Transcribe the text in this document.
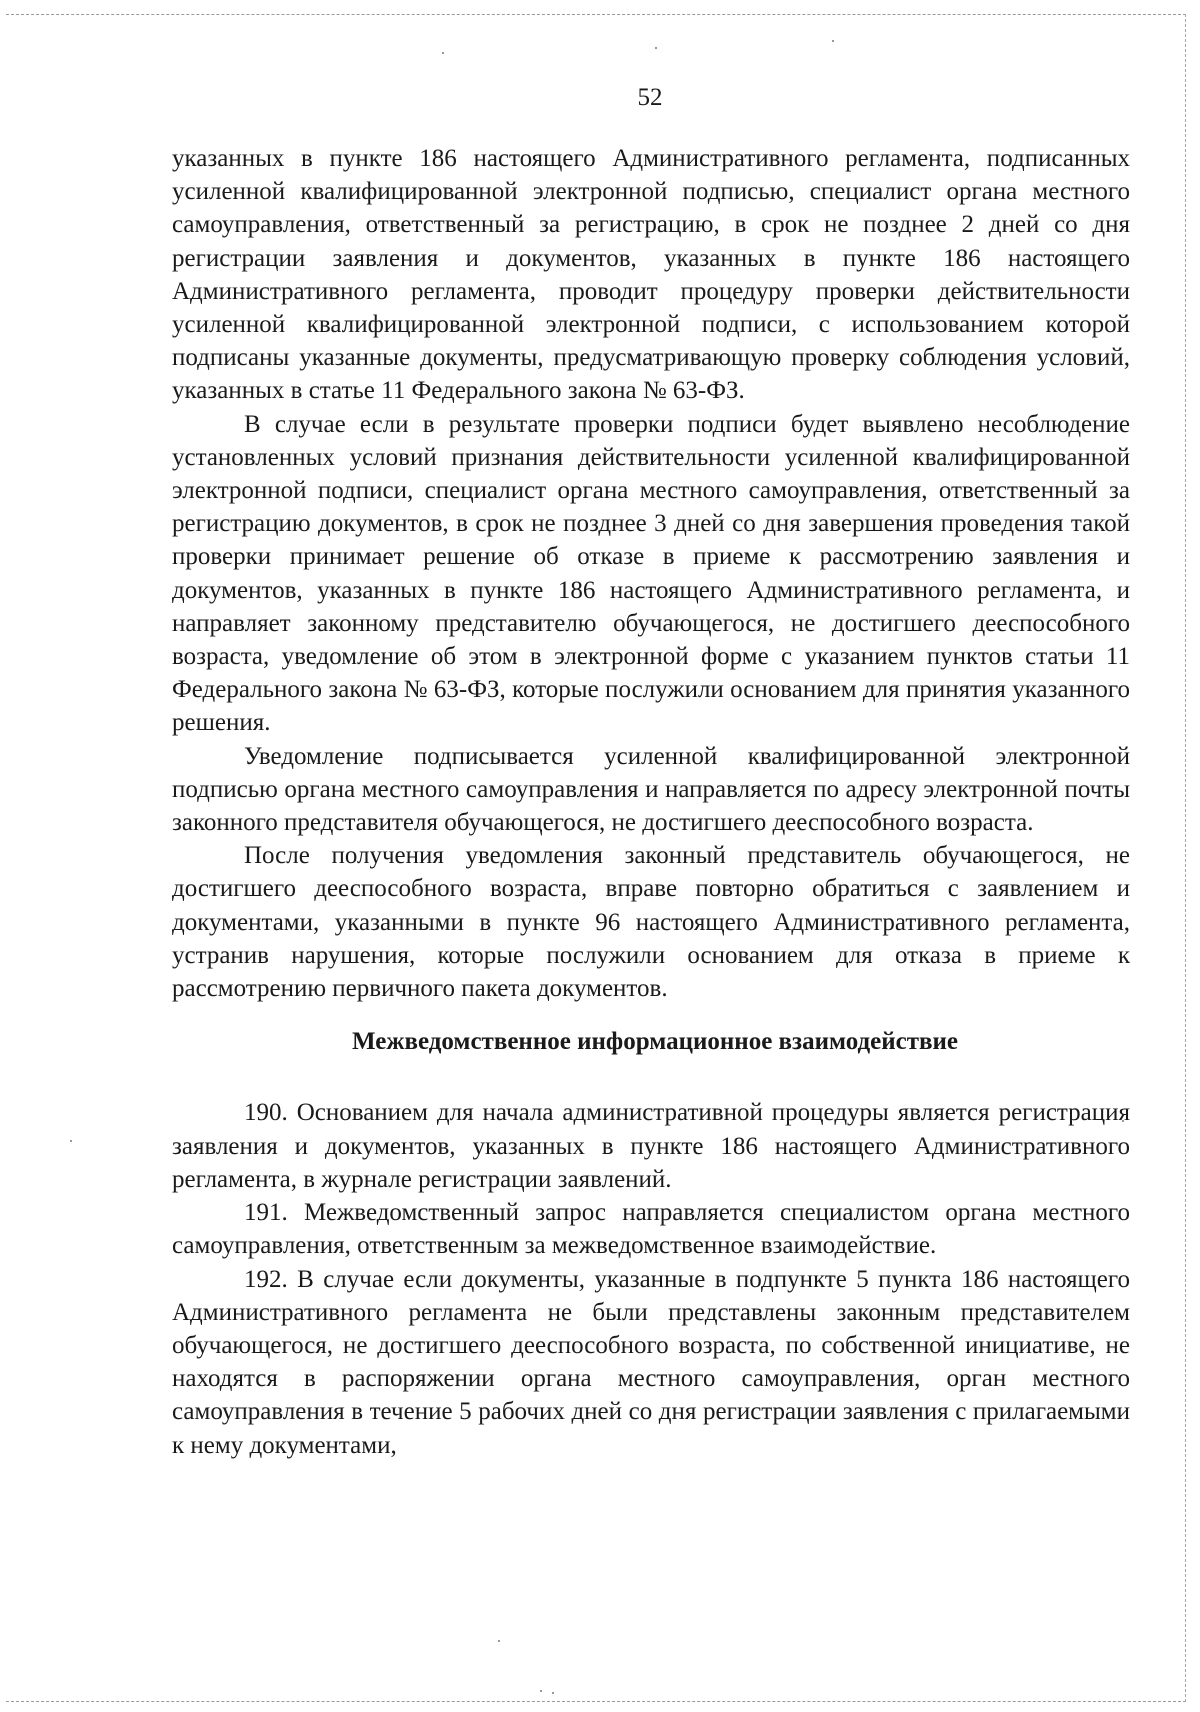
52

указанных в пункте 186 настоящего Административного регламента, подписанных усиленной квалифицированной электронной подписью, специалист органа местного самоуправления, ответственный за регистрацию, в срок не позднее 2 дней со дня регистрации заявления и документов, указанных в пункте 186 настоящего Административного регламента, проводит процедуру проверки действительности усиленной квалифицированной электронной подписи, с использованием которой подписаны указанные документы, предусматривающую проверку соблюдения условий, указанных в статье 11 Федерального закона № 63-ФЗ.

В случае если в результате проверки подписи будет выявлено несоблюдение установленных условий признания действительности усиленной квалифицированной электронной подписи, специалист органа местного самоуправления, ответственный за регистрацию документов, в срок не позднее 3 дней со дня завершения проведения такой проверки принимает решение об отказе в приеме к рассмотрению заявления и документов, указанных в пункте 186 настоящего Административного регламента, и направляет законному представителю обучающегося, не достигшего дееспособного возраста, уведомление об этом в электронной форме с указанием пунктов статьи 11 Федерального закона № 63-ФЗ, которые послужили основанием для принятия указанного решения.

Уведомление подписывается усиленной квалифицированной электронной подписью органа местного самоуправления и направляется по адресу электронной почты законного представителя обучающегося, не достигшего дееспособного возраста.

После получения уведомления законный представитель обучающегося, не достигшего дееспособного возраста, вправе повторно обратиться с заявлением и документами, указанными в пункте 96 настоящего Административного регламента, устранив нарушения, которые послужили основанием для отказа в приеме к рассмотрению первичного пакета документов.

Межведомственное информационное взаимодействие

190. Основанием для начала административной процедуры является регистрация заявления и документов, указанных в пункте 186 настоящего Административного регламента, в журнале регистрации заявлений.

191. Межведомственный запрос направляется специалистом органа местного самоуправления, ответственным за межведомственное взаимодействие.

192. В случае если документы, указанные в подпункте 5 пункта 186 настоящего Административного регламента не были представлены законным представителем обучающегося, не достигшего дееспособного возраста, по собственной инициативе, не находятся в распоряжении органа местного самоуправления, орган местного самоуправления в течение 5 рабочих дней со дня регистрации заявления с прилагаемыми к нему документами,
